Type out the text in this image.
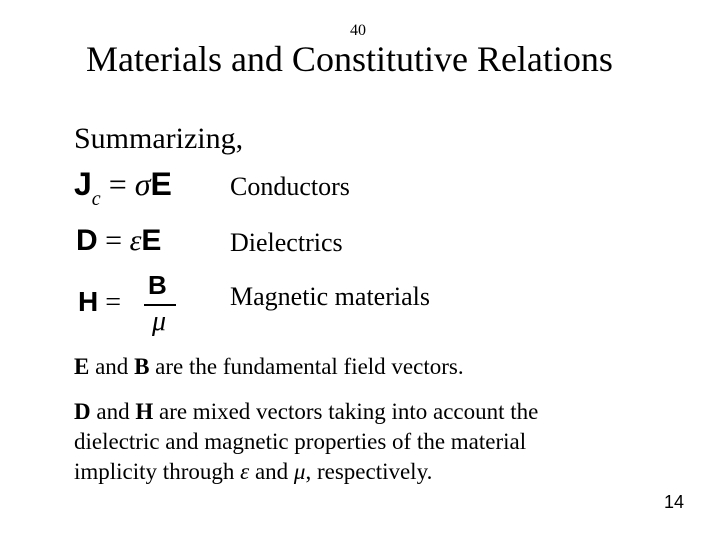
40
Materials and Constitutive Relations
Summarizing,
$J_c = \sigma E$ Conductors
D = εE	Dielectrics
H =
B
μ
Magnetic materials
E and B are the fundamental field vectors.
D and H are mixed vectors taking into account the
dielectric and magnetic properties of the material
implicity through ε and μ, respectively.
14
